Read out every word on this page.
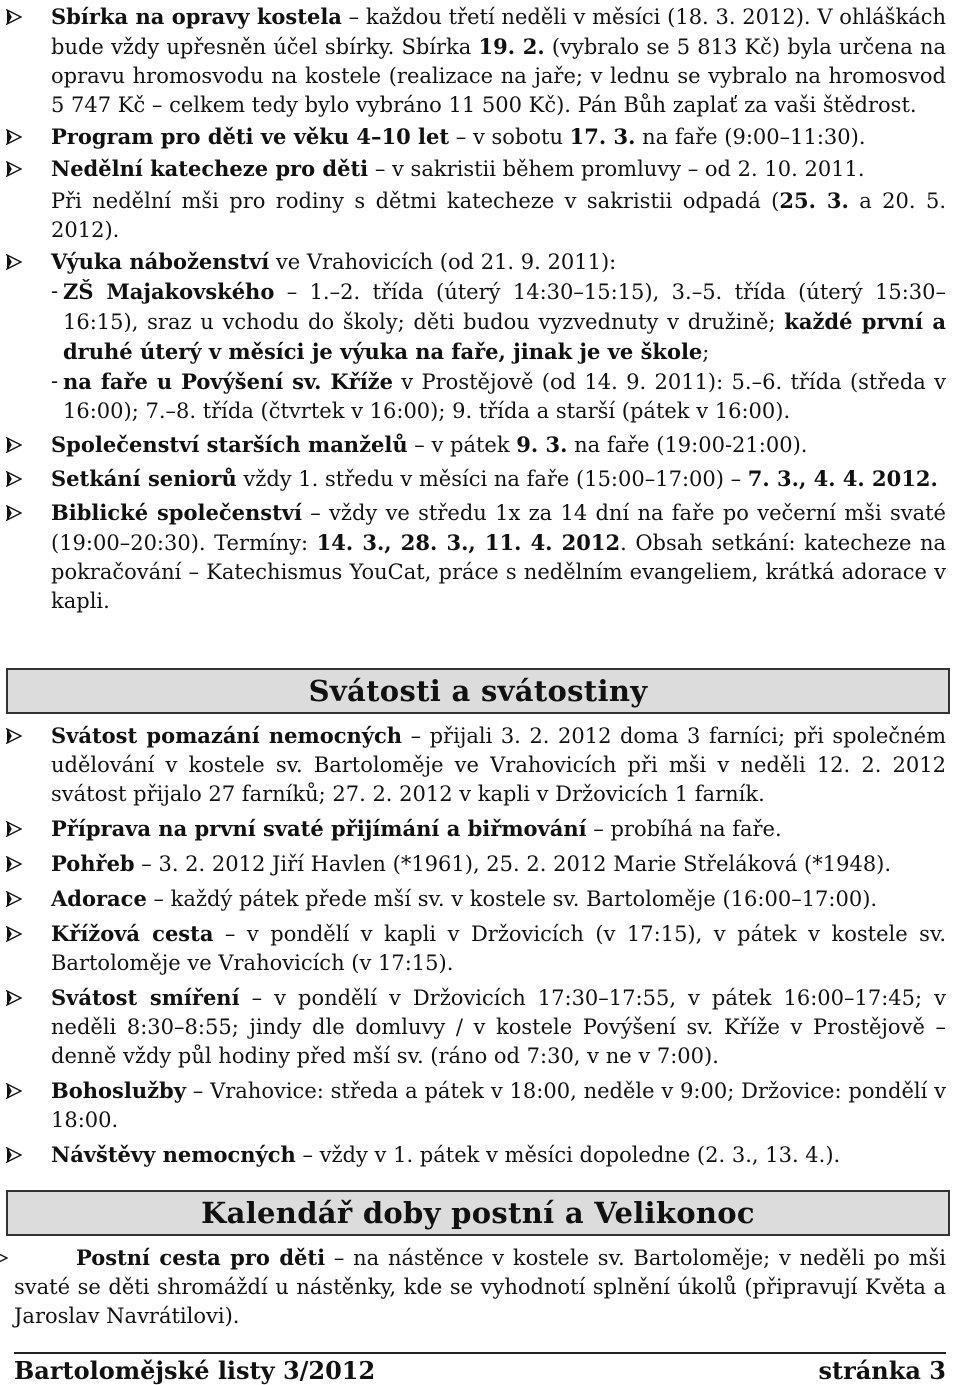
Sbírka na opravy kostela – každou třetí neděli v měsíci (18. 3. 2012). V ohláškách bude vždy upřesněn účel sbírky. Sbírka 19. 2. (vybralo se 5 813 Kč) byla určena na opravu hromosvodu na kostele (realizace na jaře; v lednu se vybralo na hromosvod 5 747 Kč – celkem tedy bylo vybráno 11 500 Kč). Pán Bůh zaplať za vaši štědrost.
Program pro děti ve věku 4–10 let – v sobotu 17. 3. na faře (9:00–11:30).
Nedělní katecheze pro děti – v sakristii během promluvy – od 2. 10. 2011.
Při nedělní mši pro rodiny s dětmi katecheze v sakristii odpadá (25. 3. a 20. 5. 2012).
Výuka náboženství ve Vrahovicích (od 21. 9. 2011):
- ZŠ Majakovského – 1.–2. třída (úterý 14:30–15:15), 3.–5. třída (úterý 15:30–16:15), sraz u vchodu do školy; děti budou vyzvednuty v družině; každé první a druhé úterý v měsíci je výuka na faře, jinak je ve škole;
- na faře u Povýšení sv. Kříže v Prostějově (od 14. 9. 2011): 5.–6. třída (středa v 16:00); 7.–8. třída (čtvrtek v 16:00); 9. třída a starší (pátek v 16:00).
Společenství starších manželů – v pátek 9. 3. na faře (19:00-21:00).
Setkání seniorů vždy 1. středu v měsíci na faře (15:00–17:00) – 7. 3., 4. 4. 2012.
Biblické společenství – vždy ve středu 1x za 14 dní na faře po večerní mši svaté (19:00–20:30). Termíny: 14. 3., 28. 3., 11. 4. 2012. Obsah setkání: katecheze na pokračování – Katechismus YouCat, práce s nedělním evangeliem, krátká adorace v kapli.
Svátosti a svátostiny
Svátost pomazání nemocných – přijali 3. 2. 2012 doma 3 farníci; při společném udělování v kostele sv. Bartoloměje ve Vrahovicích při mši v neděli 12. 2. 2012 svátost přijalo 27 farníků; 27. 2. 2012 v kapli v Držovicích 1 farník.
Příprava na první svaté přijímání a biřmování – probíhá na faře.
Pohřeb – 3. 2. 2012 Jiří Havlen (*1961), 25. 2. 2012 Marie Střeláková (*1948).
Adorace – každý pátek přede mší sv. v kostele sv. Bartoloměje (16:00–17:00).
Křížová cesta – v pondělí v kapli v Držovicích (v 17:15), v pátek v kostele sv. Bartoloměje ve Vrahovicích (v 17:15).
Svátost smíření – v pondělí v Držovicích 17:30–17:55, v pátek 16:00–17:45; v neděli 8:30–8:55; jindy dle domluvy / v kostele Povýšení sv. Kříže v Prostějově – denně vždy půl hodiny před mší sv. (ráno od 7:30, v ne v 7:00).
Bohoslužby – Vrahovice: středa a pátek v 18:00, neděle v 9:00; Držovice: pondělí v 18:00.
Návštěvy nemocných – vždy v 1. pátek v měsíci dopoledne (2. 3., 13. 4.).
Kalendář doby postní a Velikonoc
Postní cesta pro děti – na nástěnce v kostele sv. Bartoloměje; v neděli po mši svaté se děti shromáždí u nástěnky, kde se vyhodnotí splnění úkolů (připravují Květa a Jaroslav Navrátilovi).
Bartolomějské listy 3/2012	stránka 3
